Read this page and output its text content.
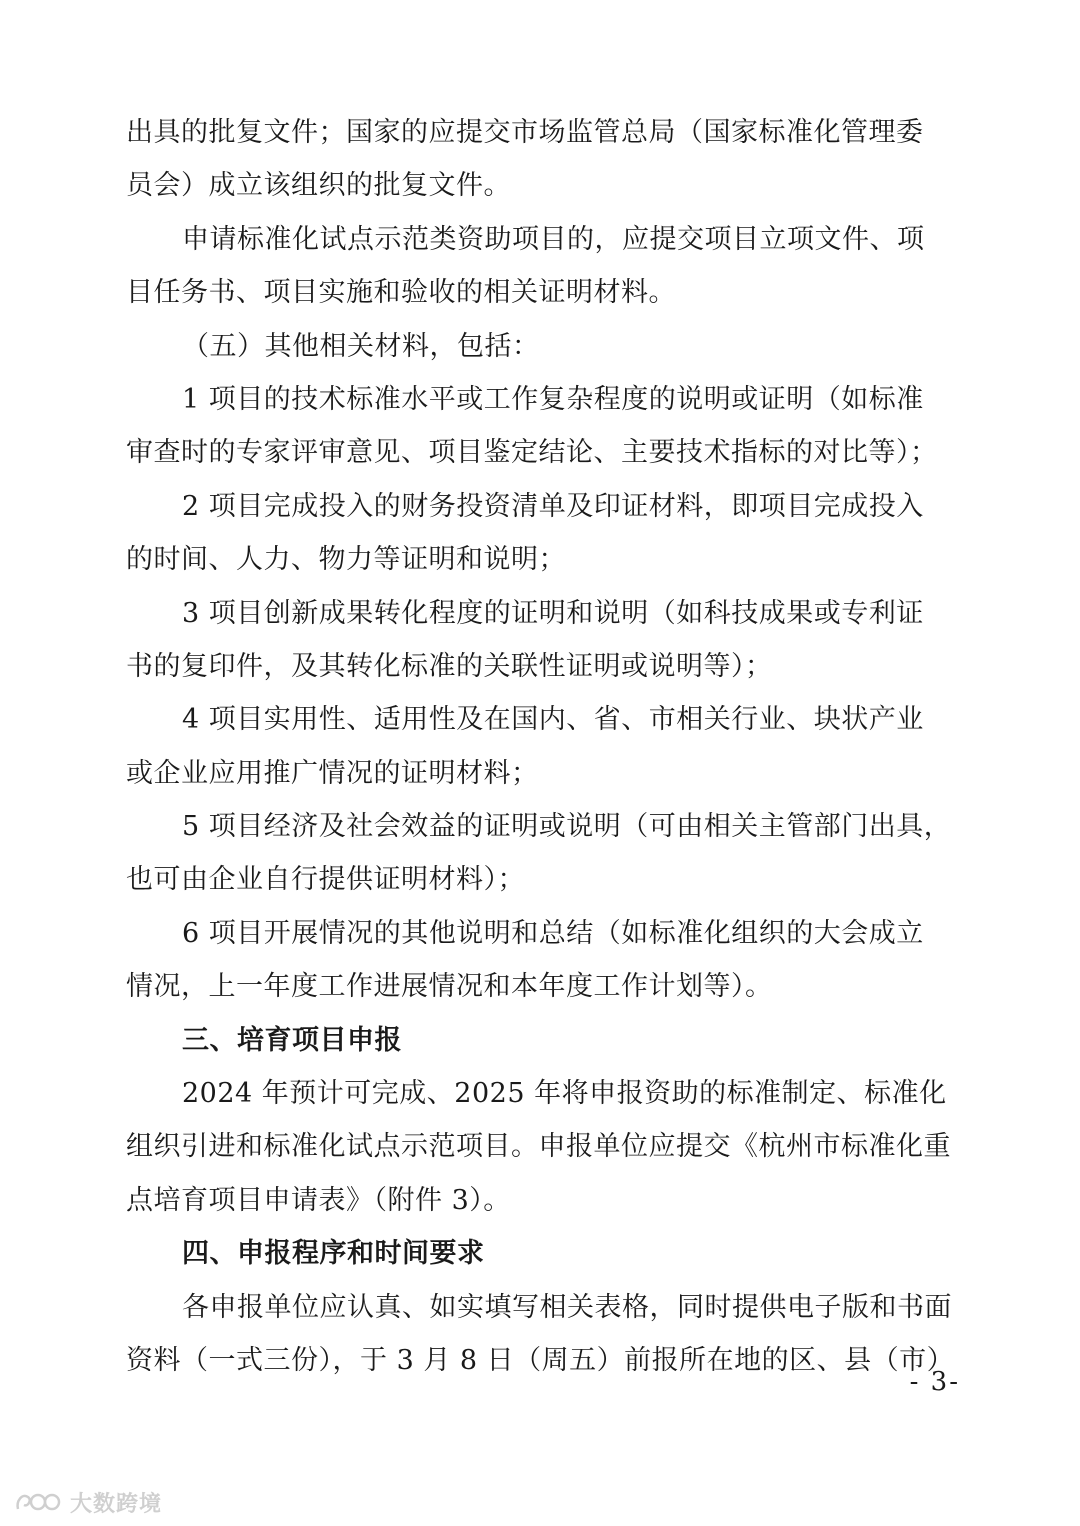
出具的批复文件；国家的应提交市场监管总局（国家标准化管理委
员会）成立该组织的批复文件。
申请标准化试点示范类资助项目的，应提交项目立项文件、项
目任务书、项目实施和验收的相关证明材料。
（五）其他相关材料，包括：
1 项目的技术标准水平或工作复杂程度的说明或证明（如标准
审查时的专家评审意见、项目鉴定结论、主要技术指标的对比等）；
2 项目完成投入的财务投资清单及印证材料，即项目完成投入
的时间、人力、物力等证明和说明；
3 项目创新成果转化程度的证明和说明（如科技成果或专利证
书的复印件，及其转化标准的关联性证明或说明等）；
4 项目实用性、适用性及在国内、省、市相关行业、块状产业
或企业应用推广情况的证明材料；
5 项目经济及社会效益的证明或说明（可由相关主管部门出具，
也可由企业自行提供证明材料）；
6 项目开展情况的其他说明和总结（如标准化组织的大会成立
情况，上一年度工作进展情况和本年度工作计划等）。
三、培育项目申报
2024 年预计可完成、2025 年将申报资助的标准制定、标准化
组织引进和标准化试点示范项目。申报单位应提交《杭州市标准化重
点培育项目申请表》（附件 3）。
四、申报程序和时间要求
各申报单位应认真、如实填写相关表格，同时提供电子版和书面
资料（一式三份），于 3 月 8 日（周五）前报所在地的区、县（市）
- 3-
大数跨境
